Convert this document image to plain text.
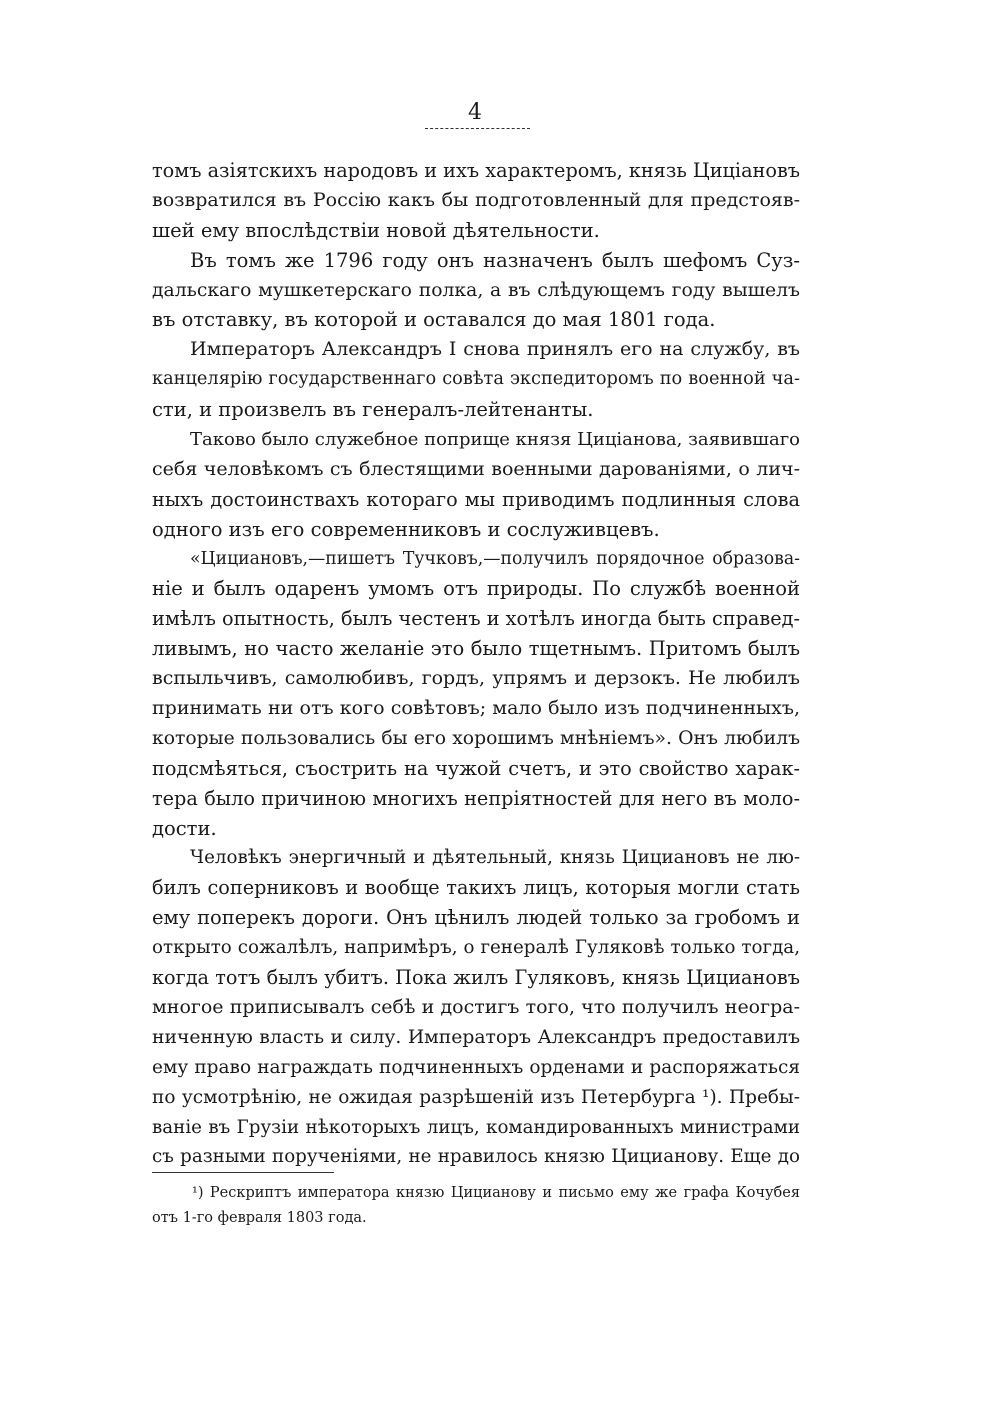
4
томъ азіятскихъ народовъ и ихъ характеромъ, князь Циціановъ
возвратился въ Россію какъ бы подготовленный для предстояв-
шей ему впослѣдствіи новой дѣятельности.
Въ томъ же 1796 году онъ назначенъ былъ шефомъ Суз-
дальскаго мушкетерскаго полка, а въ слѣдующемъ году вышелъ
въ отставку, въ которой и оставался до мая 1801 года.
Императоръ Александръ I снова принялъ его на службу, въ
канцелярію государственнаго совѣта экспедиторомъ по военной ча-
сти, и произвелъ въ генералъ-лейтенанты.
Таково было служебное поприще князя Циціанова, заявившаго
себя человѣкомъ съ блестящими военными дарованіями, о лич-
ныхъ достоинствахъ котораго мы приводимъ подлинныя слова
одного изъ его современниковъ и сослуживцевъ.
«Цициановъ,—пишетъ Тучковъ,—получилъ порядочное образова-
ніе и былъ одаренъ умомъ отъ природы. По службѣ военной
имѣлъ опытность, былъ честенъ и хотѣлъ иногда быть справед-
ливымъ, но часто желаніе это было тщетнымъ. Притомъ былъ
вспыльчивъ, самолюбивъ, гордъ, упрямъ и дерзокъ. Не любилъ
принимать ни отъ кого совѣтовъ; мало было изъ подчиненныхъ,
которые пользовались бы его хорошимъ мнѣніемъ». Онъ любилъ
подсмѣяться, съострить на чужой счетъ, и это свойство харак-
тера было причиною многихъ непріятностей для него въ моло-
дости.
Человѣкъ энергичный и дѣятельный, князь Цициановъ не лю-
билъ соперниковъ и вообще такихъ лицъ, которыя могли стать
ему поперекъ дороги. Онъ цѣнилъ людей только за гробомъ и
открыто сожалѣлъ, напримѣръ, о генералѣ Гуляковѣ только тогда,
когда тотъ былъ убитъ. Пока жилъ Гуляковъ, князь Цициановъ
многое приписывалъ себѣ и достигъ того, что получилъ неогра-
ниченную власть и силу. Императоръ Александръ предоставилъ
ему право награждать подчиненныхъ орденами и распоряжаться
по усмотрѣнію, не ожидая разрѣшеній изъ Петербурга ¹). Пребы-
ваніе въ Грузіи нѣкоторыхъ лицъ, командированныхъ министрами
съ разными порученіями, не нравилось князю Цицианову. Еще до
¹) Рескриптъ императора князю Цицианову и письмо ему же графа Кочубея
отъ 1-го февраля 1803 года.
